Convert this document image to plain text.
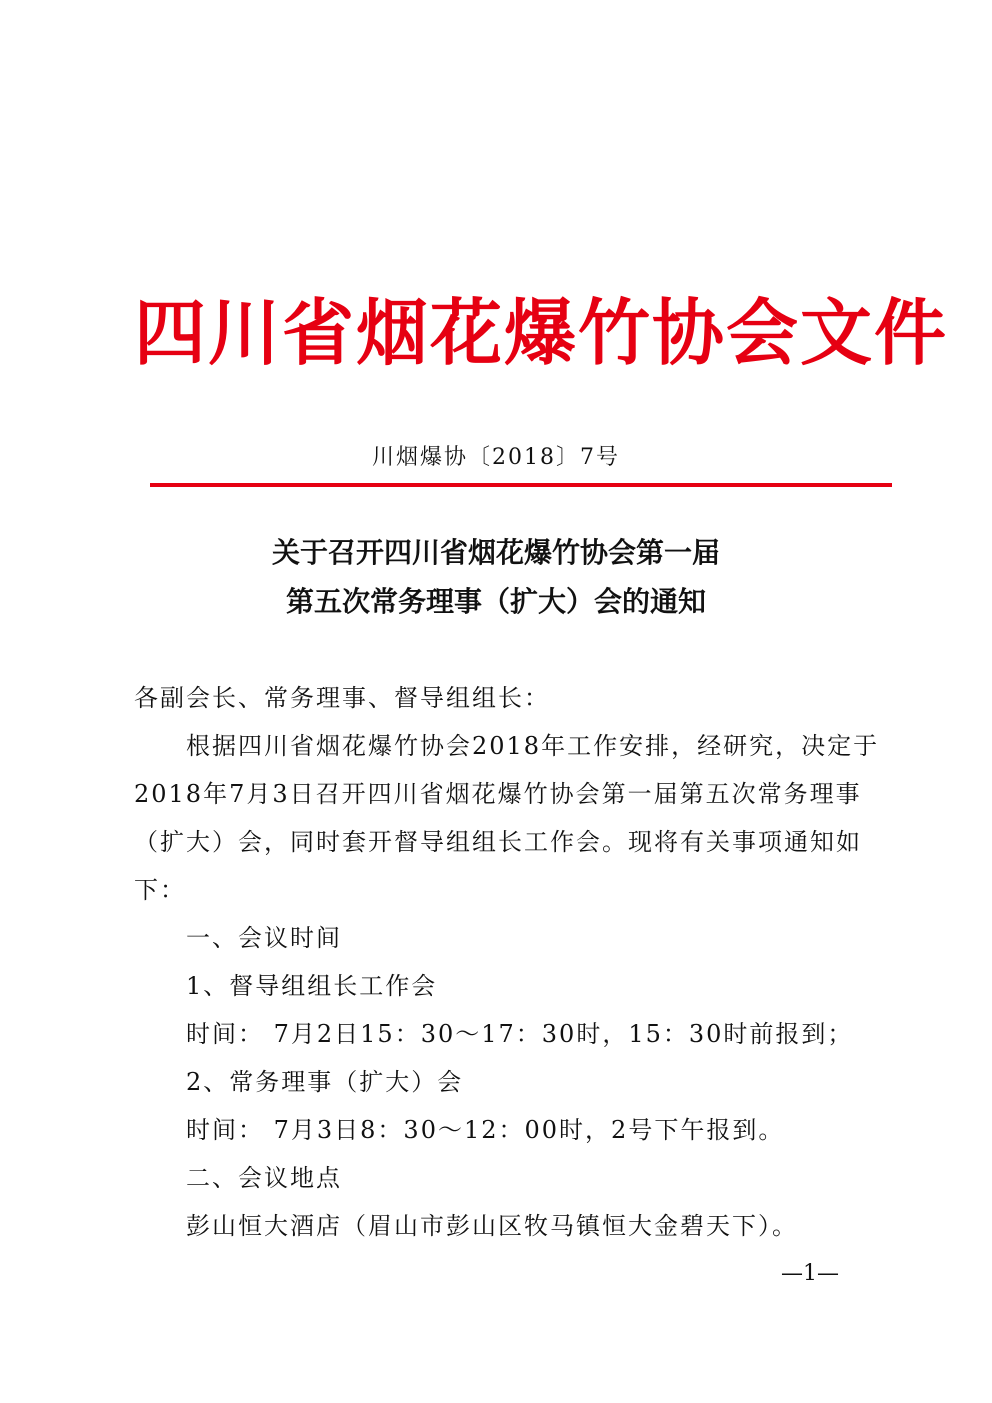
四川省烟花爆竹协会文件
川烟爆协〔2018〕7号
关于召开四川省烟花爆竹协会第一届
第五次常务理事（扩大）会的通知
各副会长、常务理事、督导组组长：
根据四川省烟花爆竹协会2018年工作安排，经研究，决定于
2018年7月3日召开四川省烟花爆竹协会第一届第五次常务理事
（扩大）会，同时套开督导组组长工作会。现将有关事项通知如
下：
一、会议时间
1、督导组组长工作会
时间： 7月2日15：30～17：30时，15：30时前报到；
2、常务理事（扩大）会
时间： 7月3日8：30～12：00时，2号下午报到。
二、会议地点
彭山恒大酒店（眉山市彭山区牧马镇恒大金碧天下）。
—1—
